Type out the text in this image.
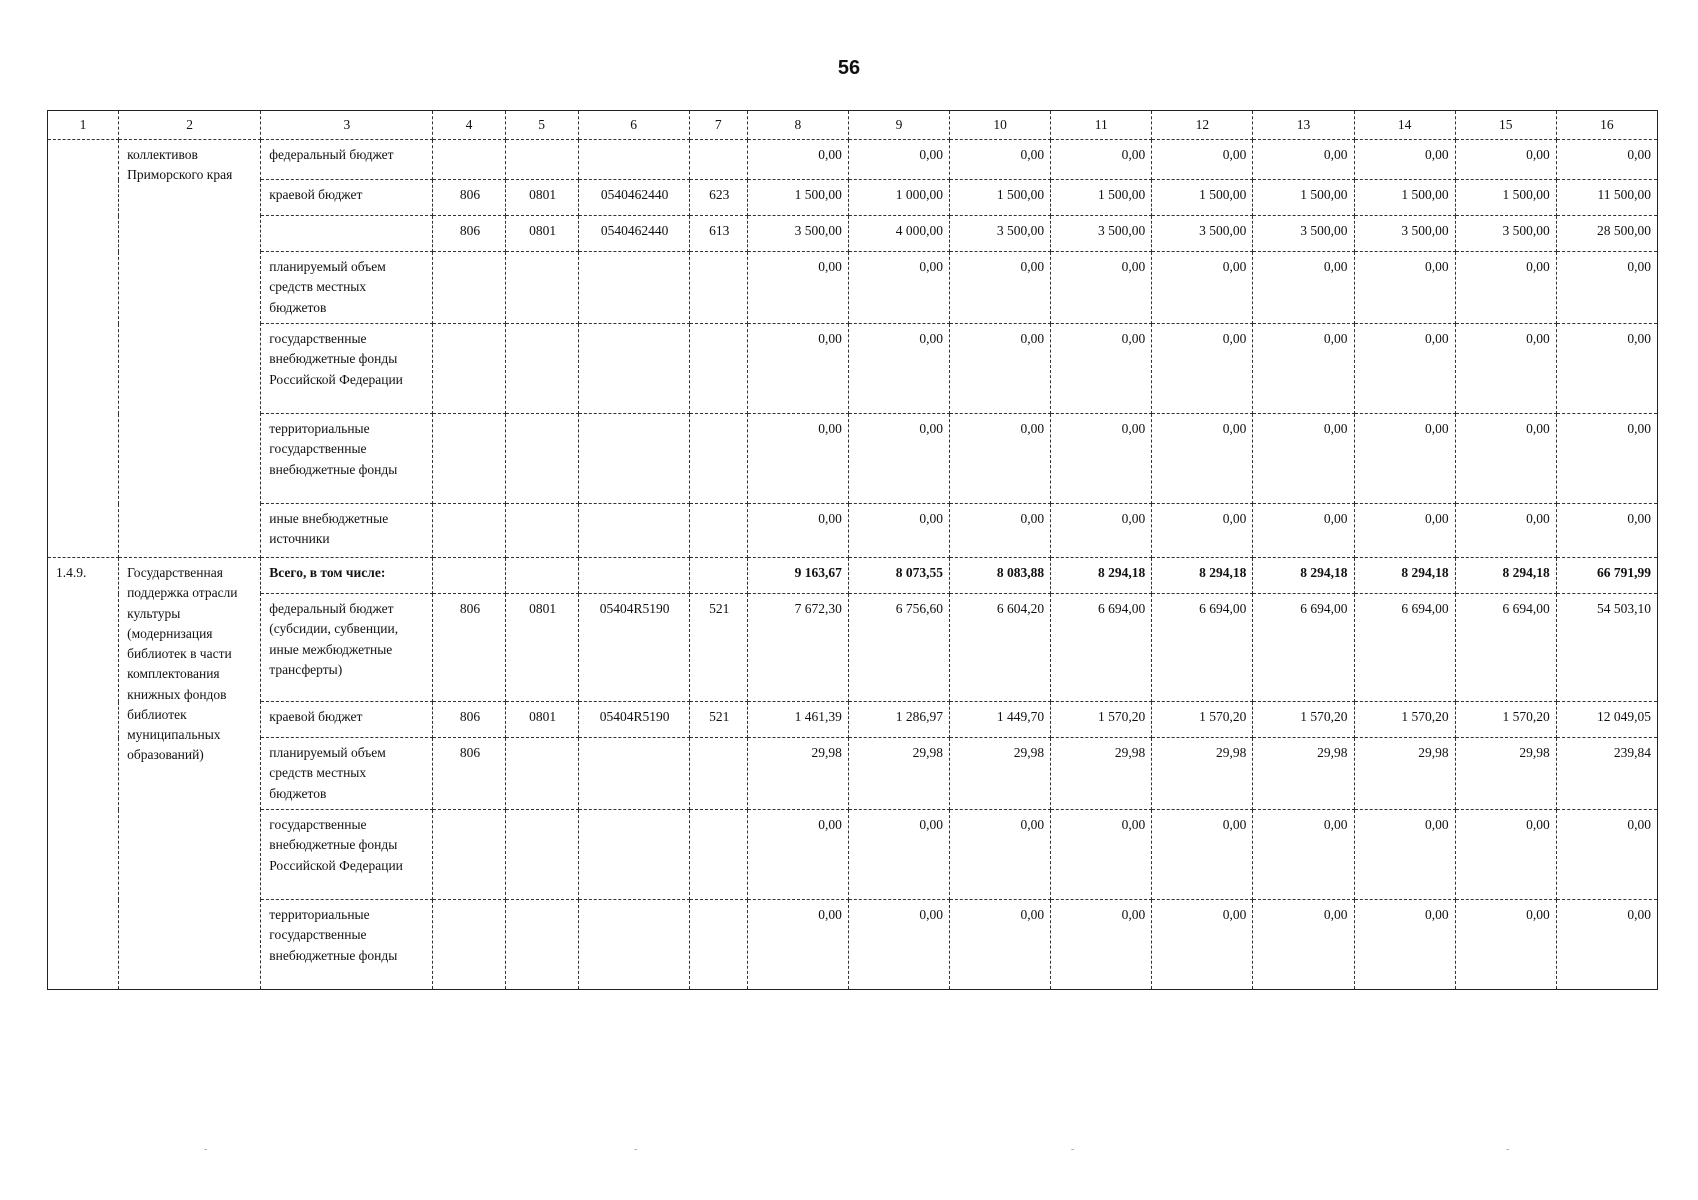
56
1	2	3	4	5	6	7	8	9	10	11	12	13	14	15	16
	коллективов Приморского края	федеральный бюджет					0,00	0,00	0,00	0,00	0,00	0,00	0,00	0,00	0,00
		краевой бюджет	806	0801	0540462440	623	1 500,00	1 000,00	1 500,00	1 500,00	1 500,00	1 500,00	1 500,00	1 500,00	11 500,00
			806	0801	0540462440	613	3 500,00	4 000,00	3 500,00	3 500,00	3 500,00	3 500,00	3 500,00	3 500,00	28 500,00
		планируемый объем средств местных бюджетов					0,00	0,00	0,00	0,00	0,00	0,00	0,00	0,00	0,00
		государственные внебюджетные фонды Российской Федерации					0,00	0,00	0,00	0,00	0,00	0,00	0,00	0,00	0,00
		территориальные государственные внебюджетные фонды					0,00	0,00	0,00	0,00	0,00	0,00	0,00	0,00	0,00
		иные внебюджетные источники					0,00	0,00	0,00	0,00	0,00	0,00	0,00	0,00	0,00
1.4.9.	Государственная поддержка отрасли культуры (модернизация библиотек в части комплектования книжных фондов библиотек муниципальных образований)	Всего, в том числе:					9 163,67	8 073,55	8 083,88	8 294,18	8 294,18	8 294,18	8 294,18	8 294,18	66 791,99
		федеральный бюджет (субсидии, субвенции, иные межбюджетные трансферты)	806	0801	05404R5190	521	7 672,30	6 756,60	6 604,20	6 694,00	6 694,00	6 694,00	6 694,00	6 694,00	54 503,10
		краевой бюджет	806	0801	05404R5190	521	1 461,39	1 286,97	1 449,70	1 570,20	1 570,20	1 570,20	1 570,20	1 570,20	12 049,05
		планируемый объем средств местных бюджетов	806				29,98	29,98	29,98	29,98	29,98	29,98	29,98	29,98	239,84
		государственные внебюджетные фонды Российской Федерации					0,00	0,00	0,00	0,00	0,00	0,00	0,00	0,00	0,00
		территориальные государственные внебюджетные фонды					0,00	0,00	0,00	0,00	0,00	0,00	0,00	0,00	0,00
-	-	-	-
